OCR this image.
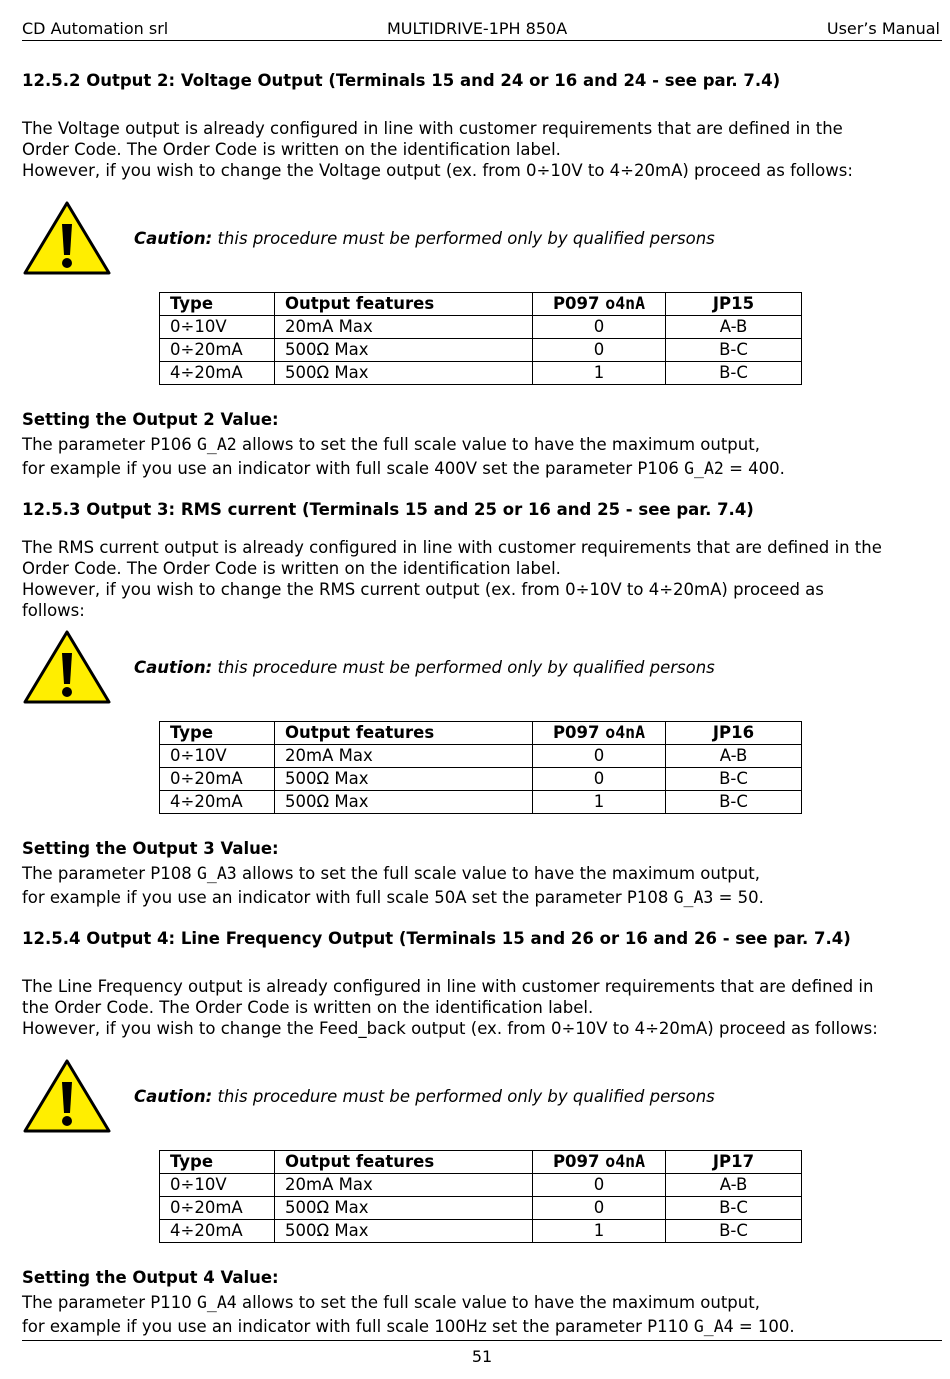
CD Automation srl	MULTIDRIVE-1PH 850A	User’s Manual
12.5.2 Output 2: Voltage Output (Terminals 15 and 24 or 16 and 24 - see par. 7.4)
The Voltage output is already configured in line with customer requirements that are defined in the
Order Code. The Order Code is written on the identification label.
However, if you wish to change the Voltage output (ex. from 0÷10V to 4÷20mA) proceed as follows:
Caution: this procedure must be performed only by qualified persons
Type	Output features	P097 o4nA	JP15
0÷10V	20mA Max	0	A-B
0÷20mA	500Ω Max	0	B-C
4÷20mA	500Ω Max	1	B-C
Setting the Output 2 Value:
The parameter P106 G_A2 allows to set the full scale value to have the maximum output,
for example if you use an indicator with full scale 400V set the parameter P106 G_A2 = 400.
12.5.3 Output 3: RMS current (Terminals 15 and 25 or 16 and 25 - see par. 7.4)
The RMS current output is already configured in line with customer requirements that are defined in the
Order Code. The Order Code is written on the identification label.
However, if you wish to change the RMS current output (ex. from 0÷10V to 4÷20mA) proceed as
follows:
Caution: this procedure must be performed only by qualified persons
Type	Output features	P097 o4nA	JP16
0÷10V	20mA Max	0	A-B
0÷20mA	500Ω Max	0	B-C
4÷20mA	500Ω Max	1	B-C
Setting the Output 3 Value:
The parameter P108 G_A3 allows to set the full scale value to have the maximum output,
for example if you use an indicator with full scale 50A set the parameter P108 G_A3 = 50.
12.5.4 Output 4: Line Frequency Output (Terminals 15 and 26 or 16 and 26 - see par. 7.4)
The Line Frequency output is already configured in line with customer requirements that are defined in
the Order Code. The Order Code is written on the identification label.
However, if you wish to change the Feed_back output (ex. from 0÷10V to 4÷20mA) proceed as follows:
Caution: this procedure must be performed only by qualified persons
Type	Output features	P097 o4nA	JP17
0÷10V	20mA Max	0	A-B
0÷20mA	500Ω Max	0	B-C
4÷20mA	500Ω Max	1	B-C
Setting the Output 4 Value:
The parameter P110 G_A4 allows to set the full scale value to have the maximum output,
for example if you use an indicator with full scale 100Hz set the parameter P110 G_A4 = 100.
51
